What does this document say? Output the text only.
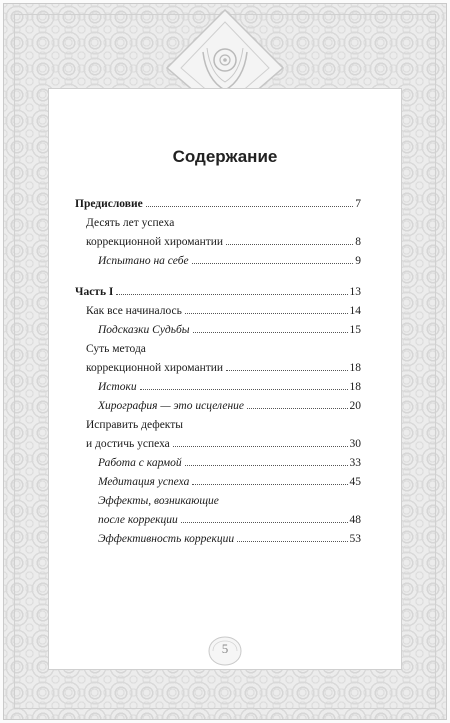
Содержание
Предисловие	7
Десять лет успеха
коррекционной хиромантии	8
Испытано на себе	9
Часть I	13
Как все начиналось	14
Подсказки Судьбы	15
Суть метода
коррекционной хиромантии	18
Истоки	18
Хирография — это исцеление	20
Исправить дефекты
и достичь успеха	30
Работа с кармой	33
Медитация успеха	45
Эффекты, возникающие
после коррекции	48
Эффективность коррекции	53
5
